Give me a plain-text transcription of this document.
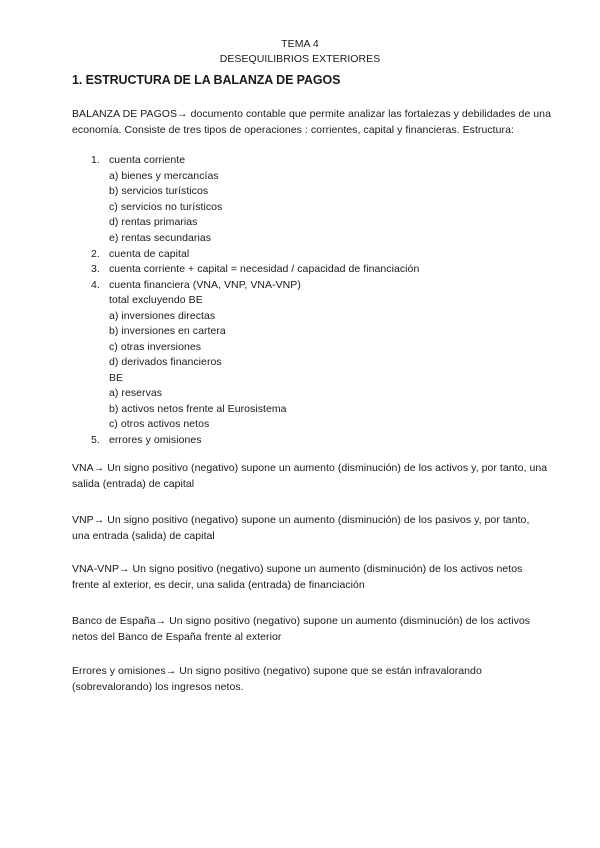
TEMA 4
DESEQUILIBRIOS EXTERIORES
1. ESTRUCTURA DE LA BALANZA DE PAGOS
BALANZA DE PAGOS→ documento contable que permite analizar las fortalezas y debilidades de una
economía. Consiste de tres tipos de operaciones : corrientes, capital y financieras. Estructura:
1. cuenta corriente
a) bienes y mercancías
b) servicios turísticos
c) servicios no turísticos
d) rentas primarias
e) rentas secundarias
2. cuenta de capital
3. cuenta corriente + capital = necesidad / capacidad de financiación
4. cuenta financiera (VNA, VNP, VNA-VNP)
total excluyendo BE
a) inversiones directas
b) inversiones en cartera
c) otras inversiones
d) derivados financieros
BE
a) reservas
b) activos netos frente al Eurosistema
c) otros activos netos
5. errores y omisiones
VNA→ Un signo positivo (negativo) supone un aumento (disminución) de los activos y, por tanto, una
salida (entrada) de capital
VNP→ Un signo positivo (negativo) supone un aumento (disminución) de los pasivos y, por tanto,
una entrada (salida) de capital
VNA-VNP→ Un signo positivo (negativo) supone un aumento (disminución) de los activos netos
frente al exterior, es decir, una salida (entrada) de financiación
Banco de España→ Un signo positivo (negativo) supone un aumento (disminución) de los activos
netos del Banco de España frente al exterior
Errores y omisiones→ Un signo positivo (negativo) supone que se están infravalorando
(sobrevalorando) los ingresos netos.
